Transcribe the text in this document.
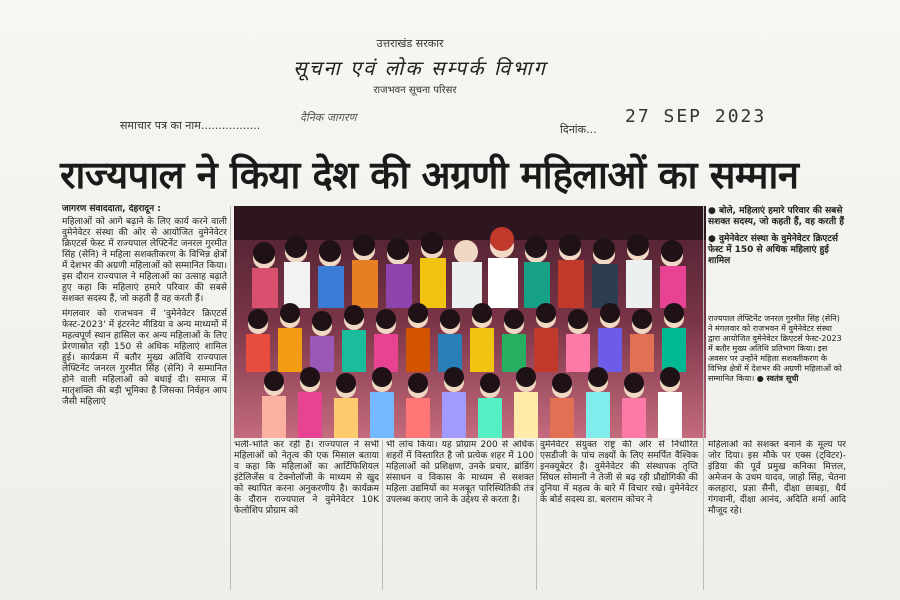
उत्तराखंड सरकार
सूचना एवं लोक सम्पर्क विभाग
राजभवन सूचना परिसर
समाचार पत्र का नाम.................
दैनिक जागरण
दिनांक...
27 SEP 2023
राज्यपाल ने किया देश की अग्रणी महिलाओं का सम्मान
जागरण संवाददाता, देहरादून :
महिलाओं को आगे बढ़ाने के लिए कार्य करने वाली वुमेनेवेटर संस्था की ओर से आयोजित वुमेनेवेटर क्रिएटर्स फेस्ट में राज्यपाल लेफ्टिनेंट जनरल गुरमीत सिंह (सेनि) ने महिला सशक्तीकरण के विभिन्न क्षेत्रों में देशभर की अग्रणी महिलाओं को सम्मानित किया। इस दौरान राज्यपाल ने महिलाओं का उत्साह बढ़ाते हुए कहा कि महिलाएं हमारे परिवार की सबसे सशक्त सदस्य हैं, जो कहती हैं वह करती हैं।
मंगलवार को राजभवन में 'वुमेनेवेटर क्रिएटर्स फेस्ट-2023' में इंटरनेट मीडिया व अन्य माध्यमों में महत्वपूर्ण स्थान हासिल कर अन्य महिलाओं के लिए प्रेरणास्रोत रही 150 से अधिक महिलाएं शामिल हुई। कार्यक्रम में बतौर मुख्य अतिथि राज्यपाल लेफ्टिनेंट जनरल गुरमीत सिंह (सेनि) ने सम्मानित होने वाली महिलाओं को बधाई दी। समाज में मातृशक्ति की बड़ी भूमिका है जिसका निर्वहन आप जैसी महिलाएं
● बोले, महिलाएं हमारे परिवार की सबसे सशक्त सदस्य, जो कहती हैं, वह करती हैं
● वुमेनेवेटर संस्था के वुमेनेवेटर क्रिएटर्स फेस्ट में 150 से अधिक महिलाएं हुई शामिल
राज्यपाल लेफ्टिनेंट जनरल गुरमीत सिंह (सेनि) ने मंगलवार को राजभवन में वुमेनेवेटर संस्था द्वारा आयोजित वुमेनेवेटर क्रिएटर्स फेस्ट-2023 में बतौर मुख्य अतिथि प्रतिभाग किया। इस अवसर पर उन्होंने महिला सशक्तीकरण के विभिन्न क्षेत्रों में देशभर की अग्रणी महिलाओं को सम्मानित किया। ● स्वतंत्र सूची
भली-भांति कर रही हैं। राज्यपाल ने सभी महिलाओं को नेतृत्व की एक मिसाल बताया व कहा कि महिलाओं का आर्टिफिशियल इंटेलिजेंस व टेक्नोलॉजी के माध्यम से खुद को स्थापित करना अनुकरणीय है। कार्यक्रम के दौरान राज्यपाल ने वुमेनेवेटर 10K फेलोशिप प्रोग्राम को
भी लांच किया। यह प्रोग्राम 200 से अधिक शहरों में विस्तारित है जो प्रत्येक शहर में 100 महिलाओं को प्रशिक्षण, उनके प्रचार, ब्रांडिंग संसाधन व विकास के माध्यम से सशक्त महिला उद्यमियों का मजबूत पारिस्थितिकी तंत्र उपलब्ध कराए जाने के उद्देश्य से करता है।
वुमेनेवेटर संयुक्त राष्ट्र की ओर से निर्धारित एसडीजी के पांच लक्ष्यों के लिए समर्पित वैश्विक इनक्यूबेटर है। वुमेनेवेटर की संस्थापक तृप्ति सिंघल सोमानी ने तेजी से बढ़ रही प्रौद्योगिकी की दुनिया में महत्व के बारे में विचार रखे। वुमेनेवेटर के बोर्ड सदस्य डा. बलराम कोचर ने
महिलाओं को सशक्त बनाने के मूल्य पर जोर दिया। इस मौके पर एक्स (ट्विटर)-इंडिया की पूर्व प्रमुख कनिका मित्तल, अमेजन के उधम यादव, जाहो सिंह, चेतना कलहारा, प्रज्ञा सैनी, दीक्षा छाबड़ा, धैर्य गंगवानी, दीक्षा आनंद, अदिति शर्मा आदि मौजूद रहे।
